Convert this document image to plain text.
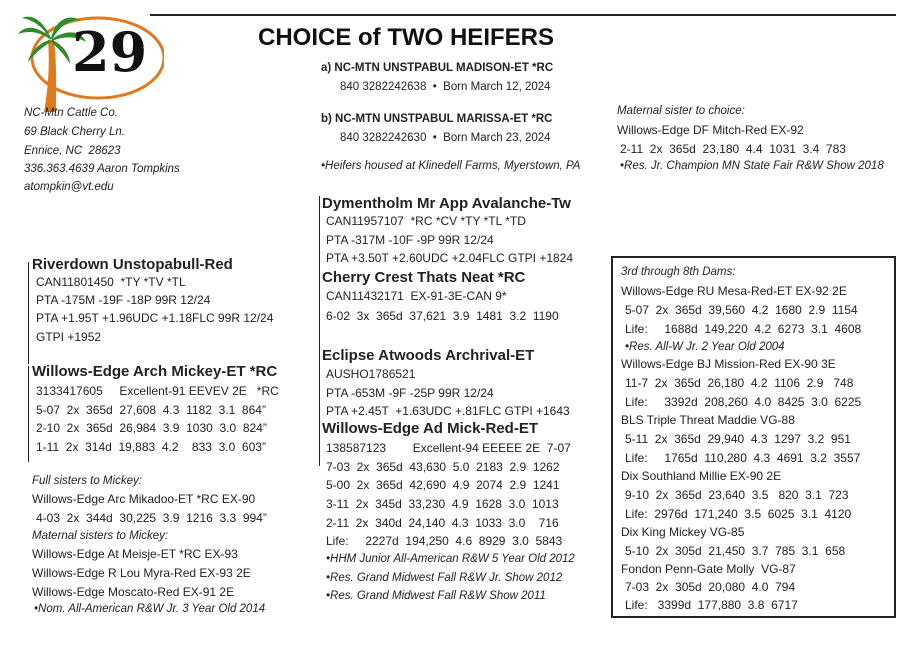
29	CHOICE of TWO HEIFERS
NC-Mtn Cattle Co.
69 Black Cherry Ln.
Ennice, NC  28623
336.363.4639 Aaron Tompkins
atompkin@vt.edu
a) NC-MTN UNSTPABUL MADISON-ET *RC
840 3282242638  •  Born March 12, 2024
b) NC-MTN UNSTPABUL MARISSA-ET *RC
840 3282242630  •  Born March 23, 2024
•Heifers housed at Klinedell Farms, Myerstown, PA
Maternal sister to choice:
Willows-Edge DF Mitch-Red EX-92
2-11  2x  365d  23,180  4.4  1031  3.4  783
•Res. Jr. Champion MN State Fair R&W Show 2018
Riverdown Unstopabull-Red
CAN11801450  *TY *TV *TL
PTA -175M -19F -18P 99R 12/24
PTA +1.95T +1.96UDC +1.18FLC 99R 12/24
GTPI +1952
Dymentholm Mr App Avalanche-Tw
CAN11957107  *RC *CV *TY *TL *TD
PTA -317M -10F -9P 99R 12/24
PTA +3.50T +2.60UDC +2.04FLC GTPI +1824
Cherry Crest Thats Neat *RC
CAN11432171  EX-91-3E-CAN 9*
6-02  3x  365d  37,621  3.9  1481  3.2  1190
Willows-Edge Arch Mickey-ET *RC
3133417605     Excellent-91 EEVEV 2E   *RC
5-07  2x  365d  27,608  4.3  1182  3.1  864”
2-10  2x  365d  26,984  3.9  1030  3.0  824”
1-11  2x  314d  19,883  4.2    833  3.0  603”
Full sisters to Mickey:
Willows-Edge Arc Mikadoo-ET *RC EX-90
4-03  2x  344d  30,225  3.9  1216  3.3  994”
Maternal sisters to Mickey:
Willows-Edge At Meisje-ET *RC EX-93
Willows-Edge R Lou Myra-Red EX-93 2E
Willows-Edge Moscato-Red EX-91 2E
•Nom. All-American R&W Jr. 3 Year Old 2014
Eclipse Atwoods Archrival-ET
AUSHO1786521
PTA -653M -9F -25P 99R 12/24
PTA +2.45T  +1.63UDC +.81FLC GTPI +1643
Willows-Edge Ad Mick-Red-ET
138587123        Excellent-94 EEEEE 2E  7-07
7-03  2x  365d  43,630  5.0  2183  2.9  1262
5-00  2x  365d  42,690  4.9  2074  2.9  1241
3-11  2x  345d  33,230  4.9  1628  3.0  1013
2-11  2x  340d  24,140  4.3  1033  3.0    716
Life:     2227d  194,250  4.6  8929  3.0  5843
•HHM Junior All-American R&W 5 Year Old 2012
•Res. Grand Midwest Fall R&W Jr. Show 2012
•Res. Grand Midwest Fall R&W Show 2011
3rd through 8th Dams:
Willows-Edge RU Mesa-Red-ET EX-92 2E
5-07  2x  365d  39,560  4.2  1680  2.9  1154
Life:     1688d  149,220  4.2  6273  3.1  4608
•Res. All-W Jr. 2 Year Old 2004
Willows-Edge BJ Mission-Red EX-90 3E
11-7  2x  365d  26,180  4.2  1106  2.9   748
Life:     3392d  208,260  4.0  8425  3.0  6225
BLS Triple Threat Maddie VG-88
5-11  2x  365d  29,940  4.3  1297  3.2  951
Life:     1765d  110,280  4.3  4691  3.2  3557
Dix Southland Millie EX-90 2E
9-10  2x  365d  23,640  3.5   820  3.1  723
Life:  2976d  171,240  3.5  6025  3.1  4120
Dix King Mickey VG-85
5-10  2x  305d  21,450  3.7  785  3.1  658
Fondon Penn-Gate Molly  VG-87
7-03  2x  305d  20,080  4.0  794
Life:   3399d  177,880  3.8  6717
